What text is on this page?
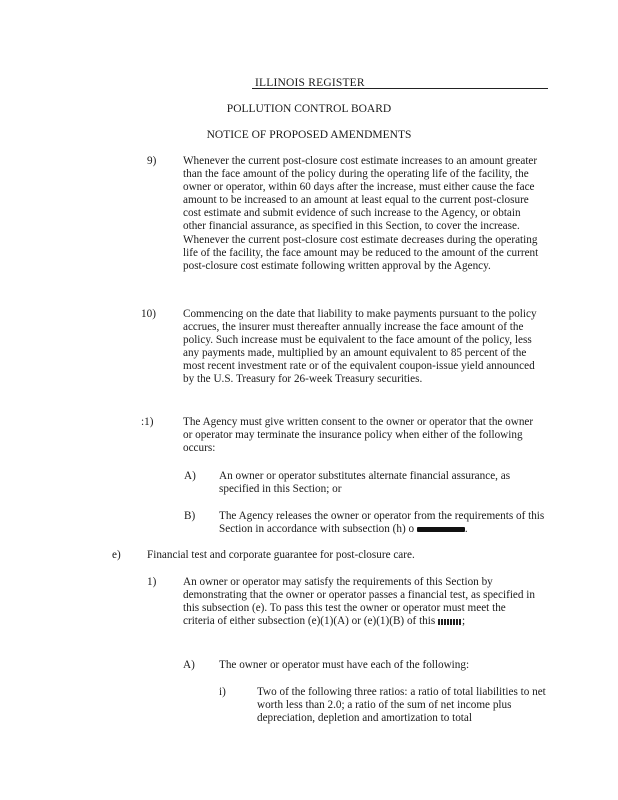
ILLINOIS REGISTER
POLLUTION CONTROL BOARD
NOTICE OF PROPOSED AMENDMENTS
9) Whenever the current post-closure cost estimate increases to an amount greater than the face amount of the policy during the operating life of the facility, the owner or operator, within 60 days after the increase, must either cause the face amount to be increased to an amount at least equal to the current post-closure cost estimate and submit evidence of such increase to the Agency, or obtain other financial assurance, as specified in this Section, to cover the increase. Whenever the current post-closure cost estimate decreases during the operating life of the facility, the face amount may be reduced to the amount of the current post-closure cost estimate following written approval by the Agency.
10) Commencing on the date that liability to make payments pursuant to the policy accrues, the insurer must thereafter annually increase the face amount of the policy. Such increase must be equivalent to the face amount of the policy, less any payments made, multiplied by an amount equivalent to 85 percent of the most recent investment rate or of the equivalent coupon-issue yield announced by the U.S. Treasury for 26-week Treasury securities.
:1)	The Agency must give written consent to the owner or operator that the owner or operator may terminate the insurance policy when either of the following occurs:
A) An owner or operator substitutes alternate financial assurance, as specified in this Section; or
B) The Agency releases the owner or operator from the requirements of this Section in accordance with subsection (h) o	.
e) Financial test and corporate guarantee for post-closure care.
1) An owner or operator may satisfy the requirements of this Section by demonstrating that the owner or operator passes a financial test, as specified in this subsection (e). To pass this test the owner or operator must meet the criteria of either subsection (e)(1)(A) or (e)(1)(B) of this ;
A) The owner or operator must have each of the following:
i)	Two of the following three ratios: a ratio of total liabilities to net worth less than 2.0; a ratio of the sum of net income plus depreciation, depletion and amortization to total
